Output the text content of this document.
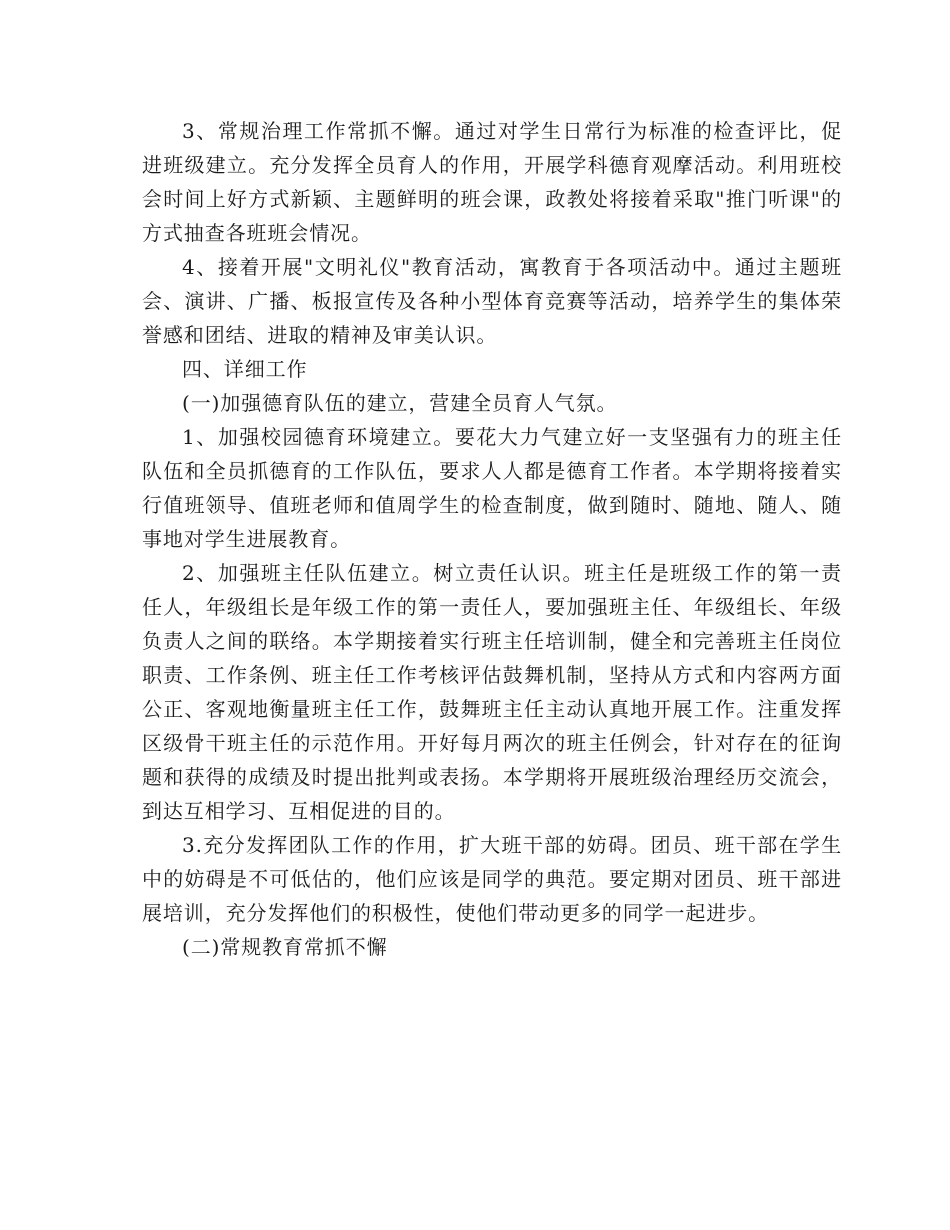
3、常规治理工作常抓不懈。通过对学生日常行为标准的检查评比，促进班级建立。充分发挥全员育人的作用，开展学科德育观摩活动。利用班校会时间上好方式新颖、主题鲜明的班会课，政教处将接着采取"推门听课"的方式抽查各班班会情况。

4、接着开展"文明礼仪"教育活动，寓教育于各项活动中。通过主题班会、演讲、广播、板报宣传及各种小型体育竞赛等活动，培养学生的集体荣誉感和团结、进取的精神及审美认识。

四、详细工作

(一)加强德育队伍的建立，营建全员育人气氛。

1、加强校园德育环境建立。要花大力气建立好一支坚强有力的班主任队伍和全员抓德育的工作队伍，要求人人都是德育工作者。本学期将接着实行值班领导、值班老师和值周学生的检查制度，做到随时、随地、随人、随事地对学生进展教育。

2、加强班主任队伍建立。树立责任认识。班主任是班级工作的第一责任人，年级组长是年级工作的第一责任人，要加强班主任、年级组长、年级负责人之间的联络。本学期接着实行班主任培训制，健全和完善班主任岗位职责、工作条例、班主任工作考核评估鼓舞机制，坚持从方式和内容两方面公正、客观地衡量班主任工作，鼓舞班主任主动认真地开展工作。注重发挥区级骨干班主任的示范作用。开好每月两次的班主任例会，针对存在的征询题和获得的成绩及时提出批判或表扬。本学期将开展班级治理经历交流会，到达互相学习、互相促进的目的。

3.充分发挥团队工作的作用，扩大班干部的妨碍。团员、班干部在学生中的妨碍是不可低估的，他们应该是同学的典范。要定期对团员、班干部进展培训，充分发挥他们的积极性，使他们带动更多的同学一起进步。

(二)常规教育常抓不懈
